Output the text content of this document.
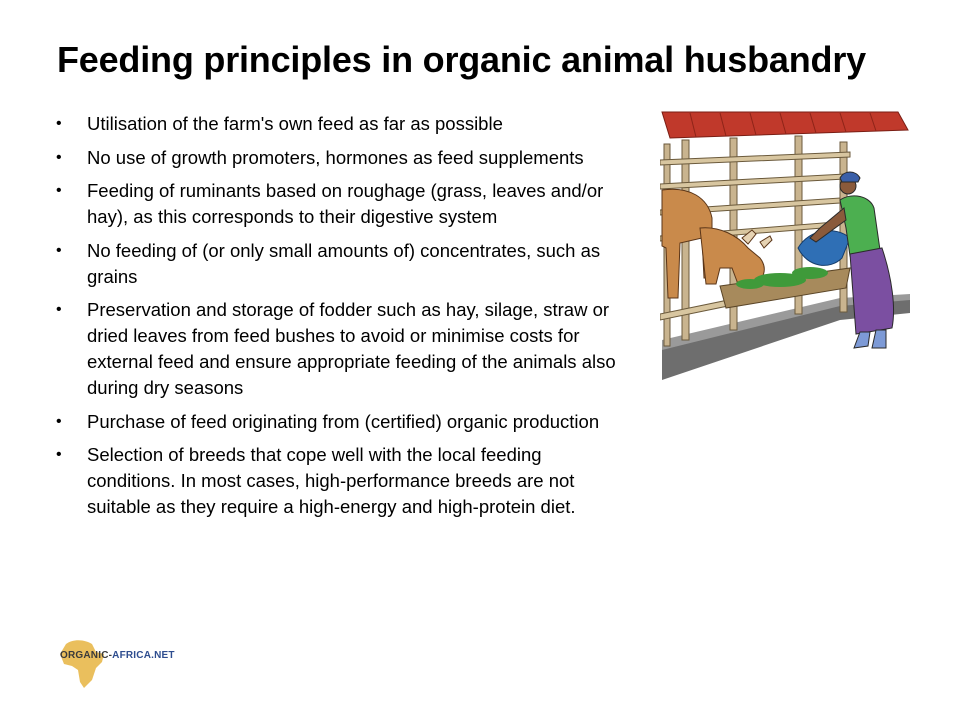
Feeding principles in organic animal husbandry
•	Utilisation of the farm's own feed as far as possible
•	No use of growth promoters, hormones as feed supplements
•	Feeding of ruminants based on roughage (grass, leaves and/or hay), as this corresponds to their digestive system
•	No feeding of (or only small amounts of) concentrates, such as grains
•	Preservation and storage of fodder such as hay, silage, straw or dried leaves from feed bushes to avoid or minimise costs for external feed and ensure appropriate feeding of the animals also during dry seasons
•	Purchase of feed originating from (certified) organic production
•	Selection of breeds that cope well with the local feeding conditions. In most cases, high-performance breeds are not suitable as they require a high-energy and high-protein diet.
ORGANIC-AFRICA.NET
